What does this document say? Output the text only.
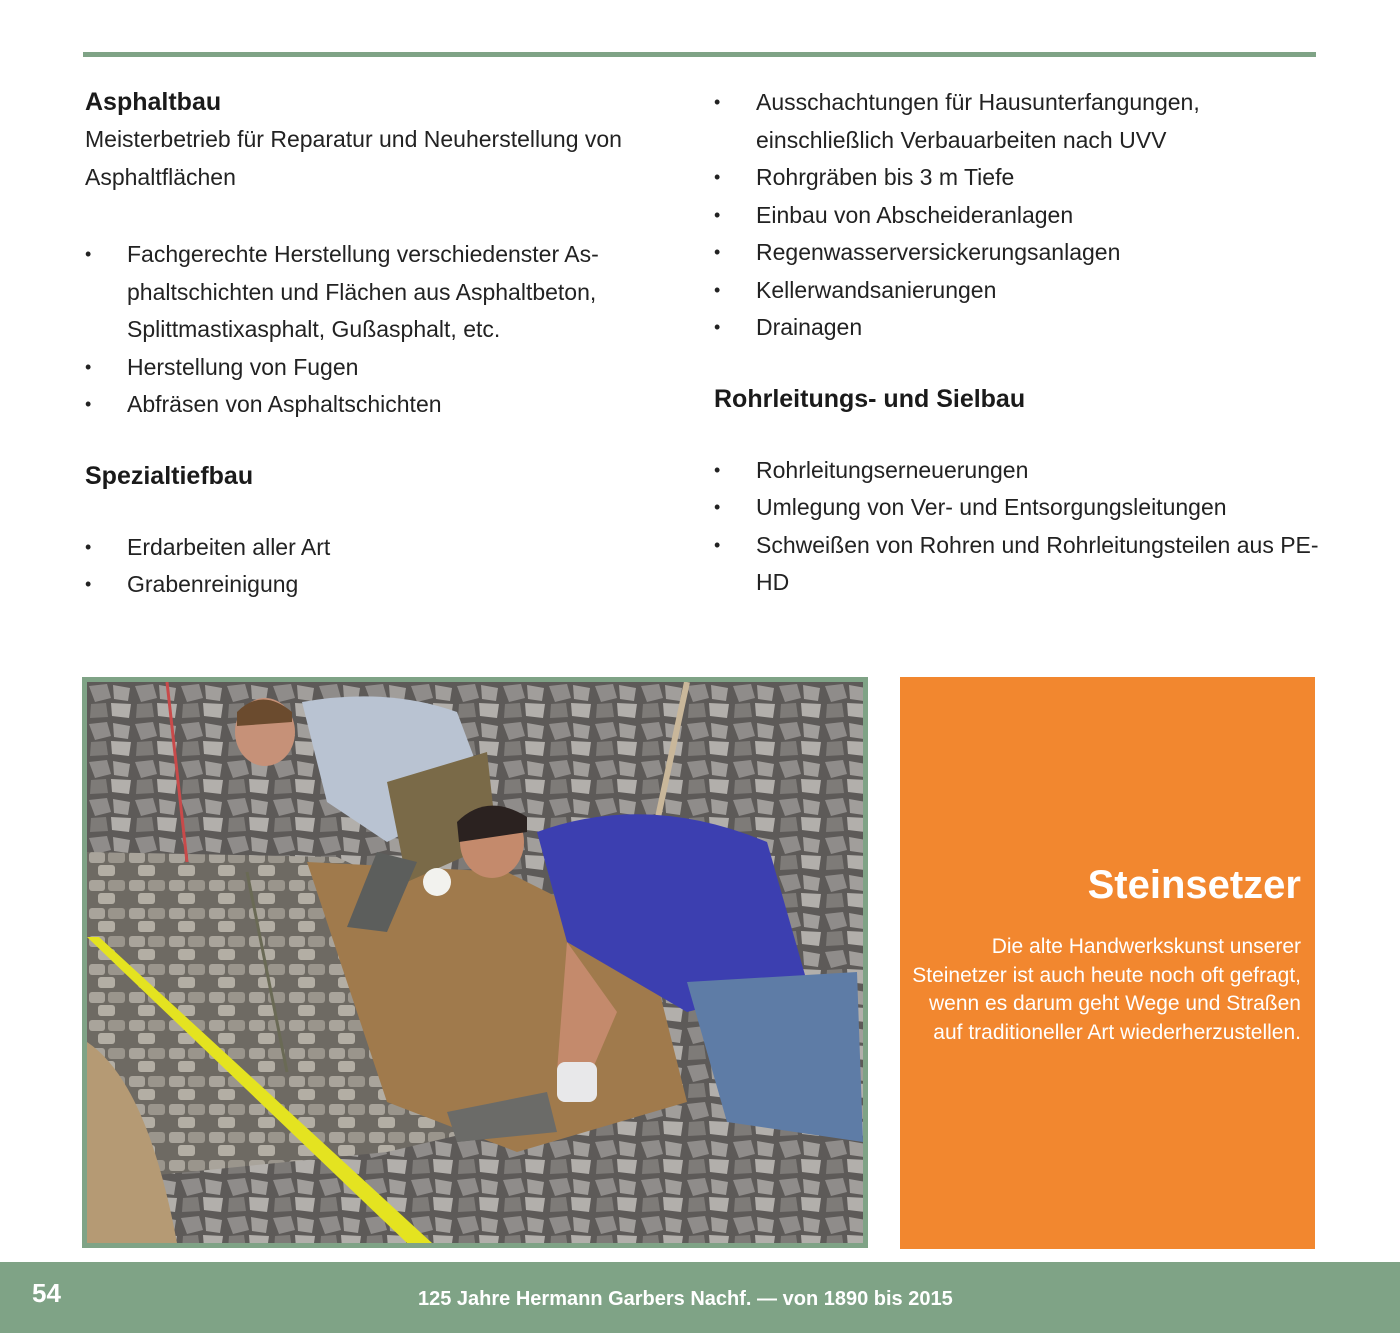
Asphaltbau

Meisterbetrieb für Reparatur und Neuherstellung von Asphaltflächen

•	Fachgerechte Herstellung verschiedenster Asphaltschichten und Flächen aus Asphaltbeton, Splittmastixasphalt, Gußasphalt, etc.
•	Herstellung von Fugen
•	Abfräsen von Asphaltschichten
Spezialtiefbau
•	Erdarbeiten aller Art
•	Grabenreinigung
•	Ausschachtungen für Hausunterfangungen, einschließlich Verbauarbeiten nach UVV
•	Rohrgräben bis 3 m Tiefe
•	Einbau von Abscheideranlagen
•	Regenwasserversickerungsanlagen
•	Kellerwandsanierungen
•	Drainagen
Rohrleitungs- und Sielbau
•	Rohrleitungserneuerungen
•	Umlegung von Ver- und Entsorgungsleitungen
•	Schweißen von Rohren und Rohrleitungsteilen aus PE-HD
Steinsetzer

Die alte Handwerkskunst unserer Steinetzer ist auch heute noch oft gefragt, wenn es darum geht Wege und Straßen auf traditioneller Art wiederherzustellen.

54	125 Jahre Hermann Garbers Nachf. — von 1890 bis 2015
